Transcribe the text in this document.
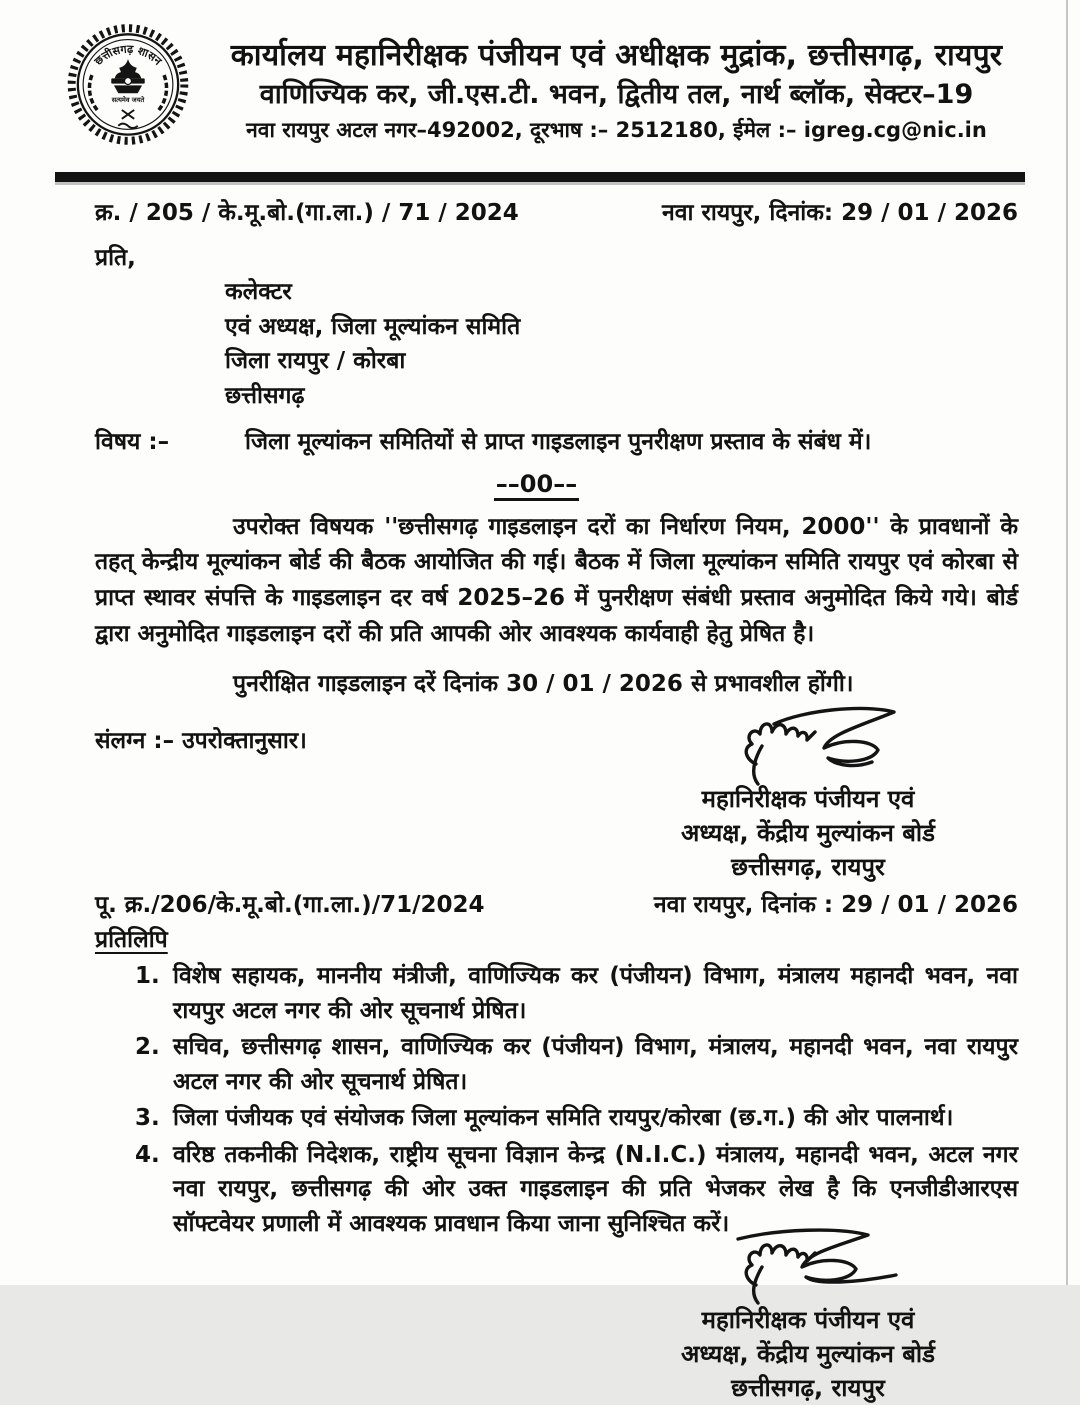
छत्तीसगढ़ शासन
सत्यमेव जयते
कार्यालय महानिरीक्षक पंजीयन एवं अधीक्षक मुद्रांक, छत्तीसगढ़, रायपुर
वाणिज्यिक कर, जी.एस.टी. भवन, द्वितीय तल, नार्थ ब्लॉक, सेक्टर–19
नवा रायपुर अटल नगर–492002, दूरभाष :– 2512180, ईमेल :– igreg.cg@nic.in
क्र. / 205 / के.मू.बो.(गा.ला.) / 71 / 2024	नवा रायपुर, दिनांक: 29 / 01 / 2026
प्रति,
कलेक्टर
एवं अध्यक्ष, जिला मूल्यांकन समिति
जिला रायपुर / कोरबा
छत्तीसगढ़
विषय :–	जिला मूल्यांकन समितियों से प्राप्त गाइडलाइन पुनरीक्षण प्रस्ताव के संबंध में।
––00––
उपरोक्त विषयक ''छत्तीसगढ़ गाइडलाइन दरों का निर्धारण नियम, 2000'' के प्रावधानों के तहत् केन्द्रीय मूल्यांकन बोर्ड की बैठक आयोजित की गई। बैठक में जिला मूल्यांकन समिति रायपुर एवं कोरबा से प्राप्त स्थावर संपत्ति के गाइडलाइन दर वर्ष 2025–26 में पुनरीक्षण संबंधी प्रस्ताव अनुमोदित किये गये। बोर्ड द्वारा अनुमोदित गाइडलाइन दरों की प्रति आपकी ओर आवश्यक कार्यवाही हेतु प्रेषित है।
पुनरीक्षित गाइडलाइन दरें दिनांक 30 / 01 / 2026 से प्रभावशील होंगी।
संलग्न :– उपरोक्तानुसार।
महानिरीक्षक पंजीयन एवं
अध्यक्ष, केंद्रीय मुल्यांकन बोर्ड
छत्तीसगढ़, रायपुर
पू. क्र./206/के.मू.बो.(गा.ला.)/71/2024	नवा रायपुर, दिनांक : 29 / 01 / 2026
प्रतिलिपि
1. विशेष सहायक, माननीय मंत्रीजी, वाणिज्यिक कर (पंजीयन) विभाग, मंत्रालय महानदी भवन, नवा रायपुर अटल नगर की ओर सूचनार्थ प्रेषित।
2. सचिव, छत्तीसगढ़ शासन, वाणिज्यिक कर (पंजीयन) विभाग, मंत्रालय, महानदी भवन, नवा रायपुर अटल नगर की ओर सूचनार्थ प्रेषित।
3. जिला पंजीयक एवं संयोजक जिला मूल्यांकन समिति रायपुर/कोरबा (छ.ग.) की ओर पालनार्थ।
4. वरिष्ठ तकनीकी निदेशक, राष्ट्रीय सूचना विज्ञान केन्द्र (N.I.C.) मंत्रालय, महानदी भवन, अटल नगर नवा रायपुर, छत्तीसगढ़ की ओर उक्त गाइडलाइन की प्रति भेजकर लेख है कि एनजीडीआरएस सॉफ्टवेयर प्रणाली में आवश्यक प्रावधान किया जाना सुनिश्चित करें।
महानिरीक्षक पंजीयन एवं
अध्यक्ष, केंद्रीय मुल्यांकन बोर्ड
छत्तीसगढ़, रायपुर
